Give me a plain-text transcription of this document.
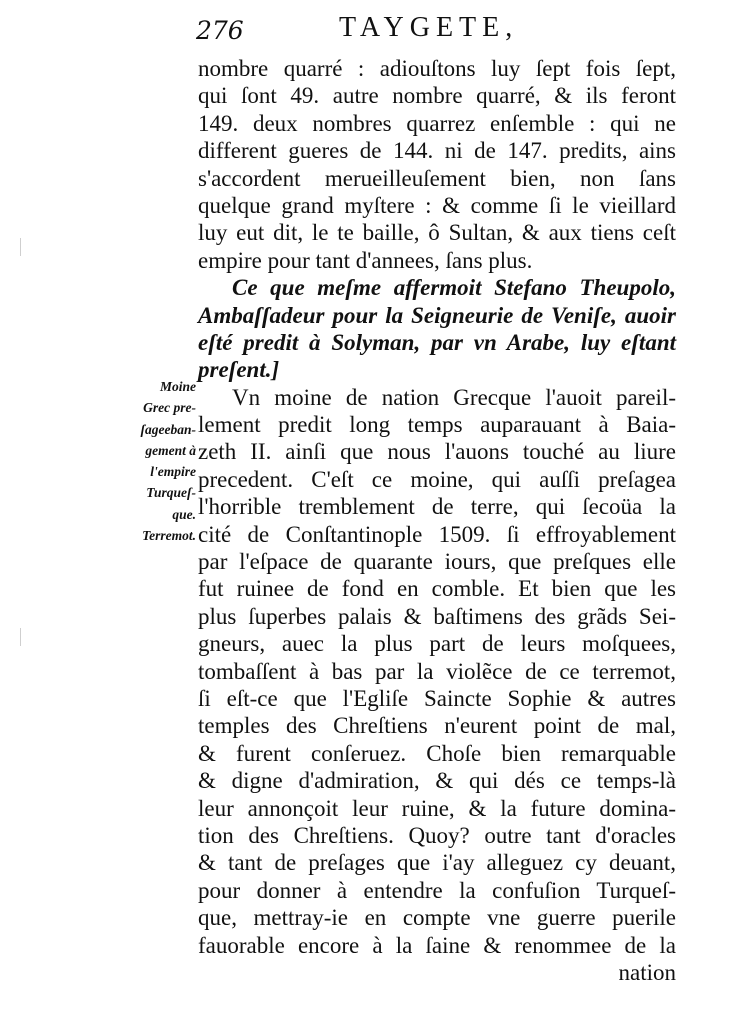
276	TAYGETE,
Moine
Grec pre-
ſageeban-
gement à
l'empire
Turqueſ-
que.
Terremot.
nombre quarré : adiouſtons luy ſept fois ſept,
qui ſont 49. autre nombre quarré, & ils feront
149. deux nombres quarrez enſemble : qui ne
different gueres de 144. ni de 147. predits, ains
s'accordent merueilleuſement bien, non ſans
quelque grand myſtere : & comme ſi le vieillard
luy eut dit, le te baille, ô Sultan, & aux tiens ceſt
empire pour tant d'annees, ſans plus.
Ce que meſme affermoit Stefano Theupolo,
Ambaſſadeur pour la Seigneurie de Veniſe, auoir
eſté predit à Solyman, par vn Arabe, luy eſtant
preſent.]
Vn moine de nation Grecque l'auoit pareil-
lement predit long temps auparauant à Baia-
zeth II. ainſi que nous l'auons touché au liure
precedent. C'eſt ce moine, qui auſſi preſagea
l'horrible tremblement de terre, qui ſecoüa la
cité de Conſtantinople 1509. ſi effroyablement
par l'eſpace de quarante iours, que preſques elle
fut ruinee de fond en comble. Et bien que les
plus ſuperbes palais & baſtimens des grãds Sei-
gneurs, auec la plus part de leurs moſquees,
tombaſſent à bas par la violẽce de ce terremot,
ſi eſt-ce que l'Egliſe Saincte Sophie & autres
temples des Chreſtiens n'eurent point de mal,
& furent conſeruez. Choſe bien remarquable
& digne d'admiration, & qui dés ce temps-là
leur annonçoit leur ruine, & la future domina-
tion des Chreſtiens. Quoy? outre tant d'oracles
& tant de preſages que i'ay alleguez cy deuant,
pour donner à entendre la confuſion Turqueſ-
que, mettray-ie en compte vne guerre puerile
fauorable encore à la ſaine & renommee de la
nation
